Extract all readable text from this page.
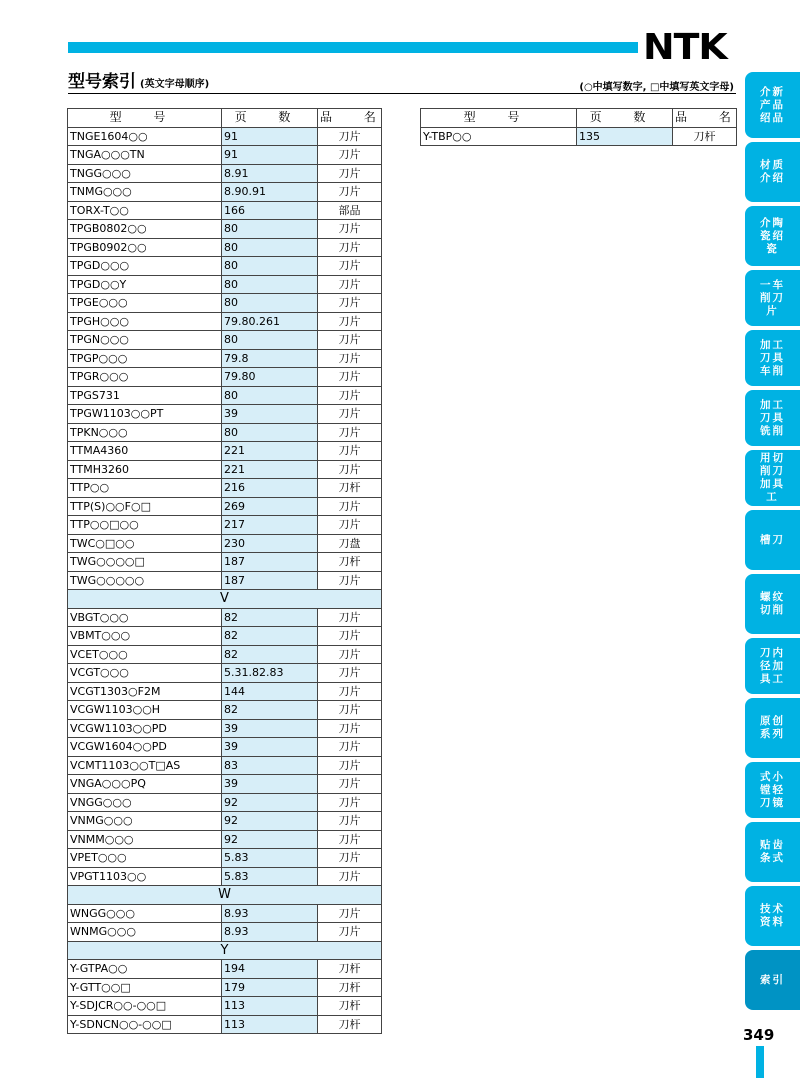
NTK
型号索引 (英文字母顺序)	(○中填写数字, □中填写英文字母)
型 号	页 数	品 名
TNGE1604○○	91	刀片
TNGA○○○TN	91	刀片
TNGG○○○	8.91	刀片
TNMG○○○	8.90.91	刀片
TORX-T○○	166	部品
TPGB0802○○	80	刀片
TPGB0902○○	80	刀片
TPGD○○○	80	刀片
TPGD○○Y	80	刀片
TPGE○○○	80	刀片
TPGH○○○	79.80.261	刀片
TPGN○○○	80	刀片
TPGP○○○	79.8	刀片
TPGR○○○	79.80	刀片
TPGS731	80	刀片
TPGW1103○○PT	39	刀片
TPKN○○○	80	刀片
TTMA4360	221	刀片
TTMH3260	221	刀片
TTP○○	216	刀杆
TTP(S)○○F○□	269	刀片
TTP○○□○○	217	刀片
TWC○□○○	230	刀盘
TWG○○○○□	187	刀杆
TWG○○○○○	187	刀片
V		
VBGT○○○	82	刀片
VBMT○○○	82	刀片
VCET○○○	82	刀片
VCGT○○○	5.31.82.83	刀片
VCGT1303○F2M	144	刀片
VCGW1103○○H	82	刀片
VCGW1103○○PD	39	刀片
VCGW1604○○PD	39	刀片
VCMT1103○○T□AS	83	刀片
VNGA○○○PQ	39	刀片
VNGG○○○	92	刀片
VNMG○○○	92	刀片
VNMM○○○	92	刀片
VPET○○○	5.83	刀片
VPGT1103○○	5.83	刀片
W		
WNGG○○○	8.93	刀片
WNMG○○○	8.93	刀片
Y		
Y-GTPA○○	194	刀杆
Y-GTT○○□	179	刀杆
Y-SDJCR○○-○○□	113	刀杆
Y-SDNCN○○-○○□	113	刀杆
型 号	页 数	品 名
Y-TBP○○	135	刀杆
介新产品绍品
材质介绍
介陶瓷绍瓷
一车削刀片
加工刀具车削
加工刀具铣削
用切削刀加具工
槽刀
螺纹切削
刀内径加具工
原创系列
式小镗轻刀镜
贴齿条式
技术资料
索引
349
